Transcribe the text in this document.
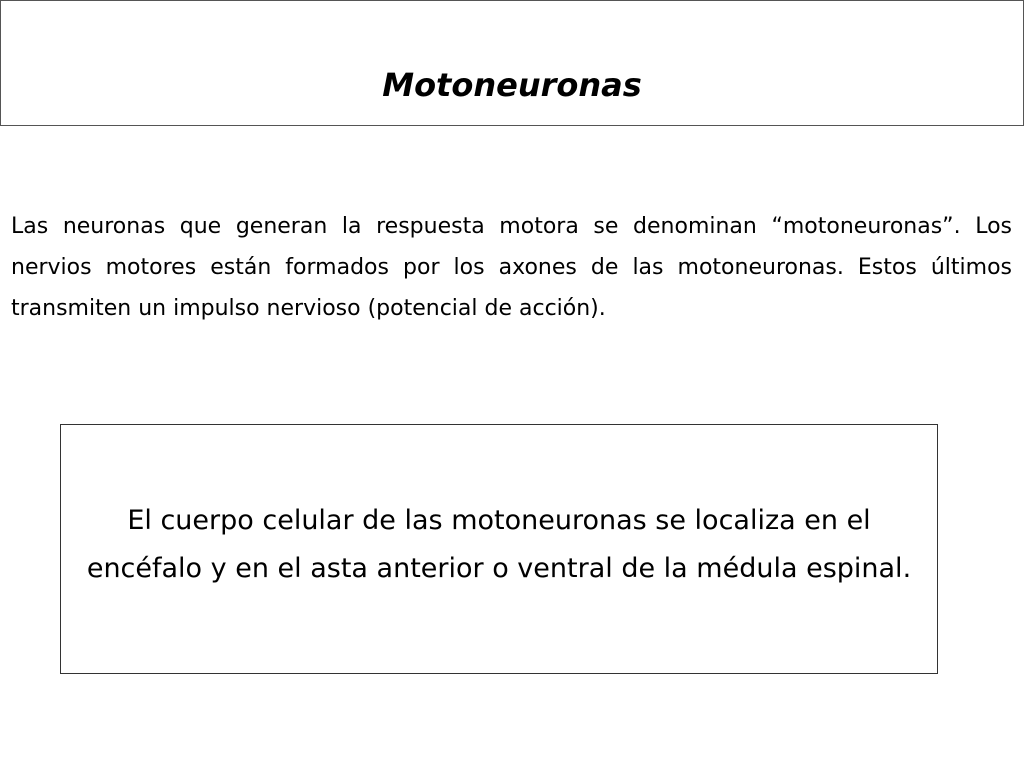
Motoneuronas

Las neuronas que generan la respuesta motora se denominan “motoneuronas”. Los nervios motores están formados por los axones de las motoneuronas. Estos últimos transmiten un impulso nervioso (potencial de acción).

El cuerpo celular de las motoneuronas se localiza en el encéfalo y en el asta anterior o ventral de la médula espinal.
